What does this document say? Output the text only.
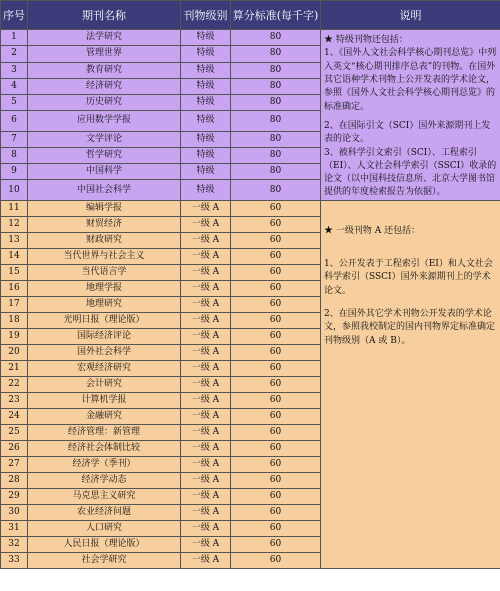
序号	期刊名称	刊物级别	算分标准(每千字)	说明
1	法学研究	特级	80	★ 特级刊物还包括：

1、《国外人文社会科学核心期刊总览》中列入英文“核心期刊排序总表”的刊物。在国外其它语种学术刊物上公开发表的学术论文，参照《国外人文社会科学核心期刊总览》的标准确定。

2、在国际引文（SCI）国外来源期刊上发表的论文。

3、被科学引文索引（SCI）、工程索引（EI）、人文社会科学索引（SSCI）收录的论文（以中国科技信息所、北京大学图书馆提供的年度检索报告为依据）。

2	管理世界	特级	80	
3	教育研究	特级	80	
4	经济研究	特级	80	
5	历史研究	特级	80	
6	应用数学学报	特级	80	
7	文学评论	特级	80	
8	哲学研究	特级	80	
9	中国科学	特级	80	
10	中国社会科学	特级	80	
11	编辑学报	一级 A	60	★ 一级刊物 A 还包括：

1、公开发表于工程索引（EI）和人文社会科学索引（SSCI）国外来源期刊上的学术论文。

2、在国外其它学术刊物公开发表的学术论文，参照我校制定的国内刊物界定标准确定刊物级别（A 或 B）。

12	财贸经济	一级 A	60	
13	财政研究	一级 A	60	
14	当代世界与社会主义	一级 A	60	
15	当代语言学	一级 A	60	
16	地理学报	一级 A	60	
17	地理研究	一级 A	60	
18	光明日报（理论版）	一级 A	60	
19	国际经济评论	一级 A	60	
20	国外社会科学	一级 A	60	
21	宏观经济研究	一级 A	60	
22	会计研究	一级 A	60	
23	计算机学报	一级 A	60	
24	金融研究	一级 A	60	
25	经济管理：新管理	一级 A	60	
26	经济社会体制比较	一级 A	60	
27	经济学（季刊）	一级 A	60	
28	经济学动态	一级 A	60	
29	马克思主义研究	一级 A	60	
30	农业经济问题	一级 A	60	
31	人口研究	一级 A	60	
32	人民日报（理论版）	一级 A	60	
33	社会学研究	一级 A	60	
